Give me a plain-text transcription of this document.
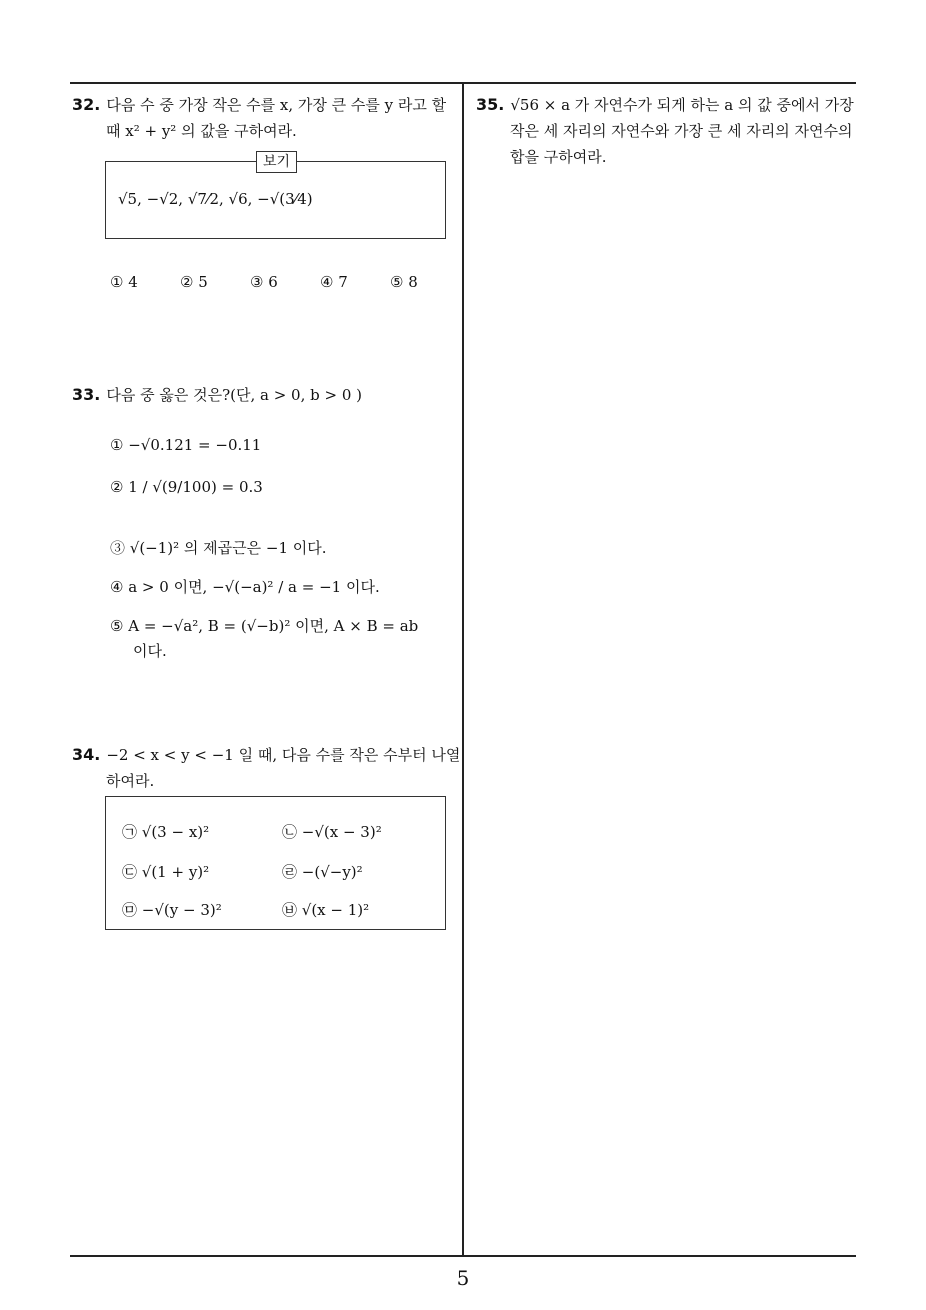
32. 다음 수 중 가장 작은 수를 x, 가장 큰 수를 y 라고 할
때 x² + y² 의 값을 구하여라.
보기
√5, −√2, √7⁄2, √6, −√(3⁄4)
① 4	② 5	③ 6	④ 7	⑤ 8
33. 다음 중 옳은 것은?(단, a > 0, b > 0 )
① −√0.121 = −0.11
② 1 / √(9/100) = 0.3
③ √(−1)² 의 제곱근은 −1 이다.
④ a > 0 이면, −√(−a)² / a = −1 이다.
⑤ A = −√a², B = (√−b)² 이면, A × B = ab
이다.
34. −2 < x < y < −1 일 때, 다음 수를 작은 수부터 나열
하여라.
㉠ √(3 − x)²	㉡ −√(x − 3)²
㉢ √(1 + y)²	㉣ −(√−y)²
㉤ −√(y − 3)²	㉥ √(x − 1)²
35. √56 × a 가 자연수가 되게 하는 a 의 값 중에서 가장
작은 세 자리의 자연수와 가장 큰 세 자리의 자연수의
합을 구하여라.
5
